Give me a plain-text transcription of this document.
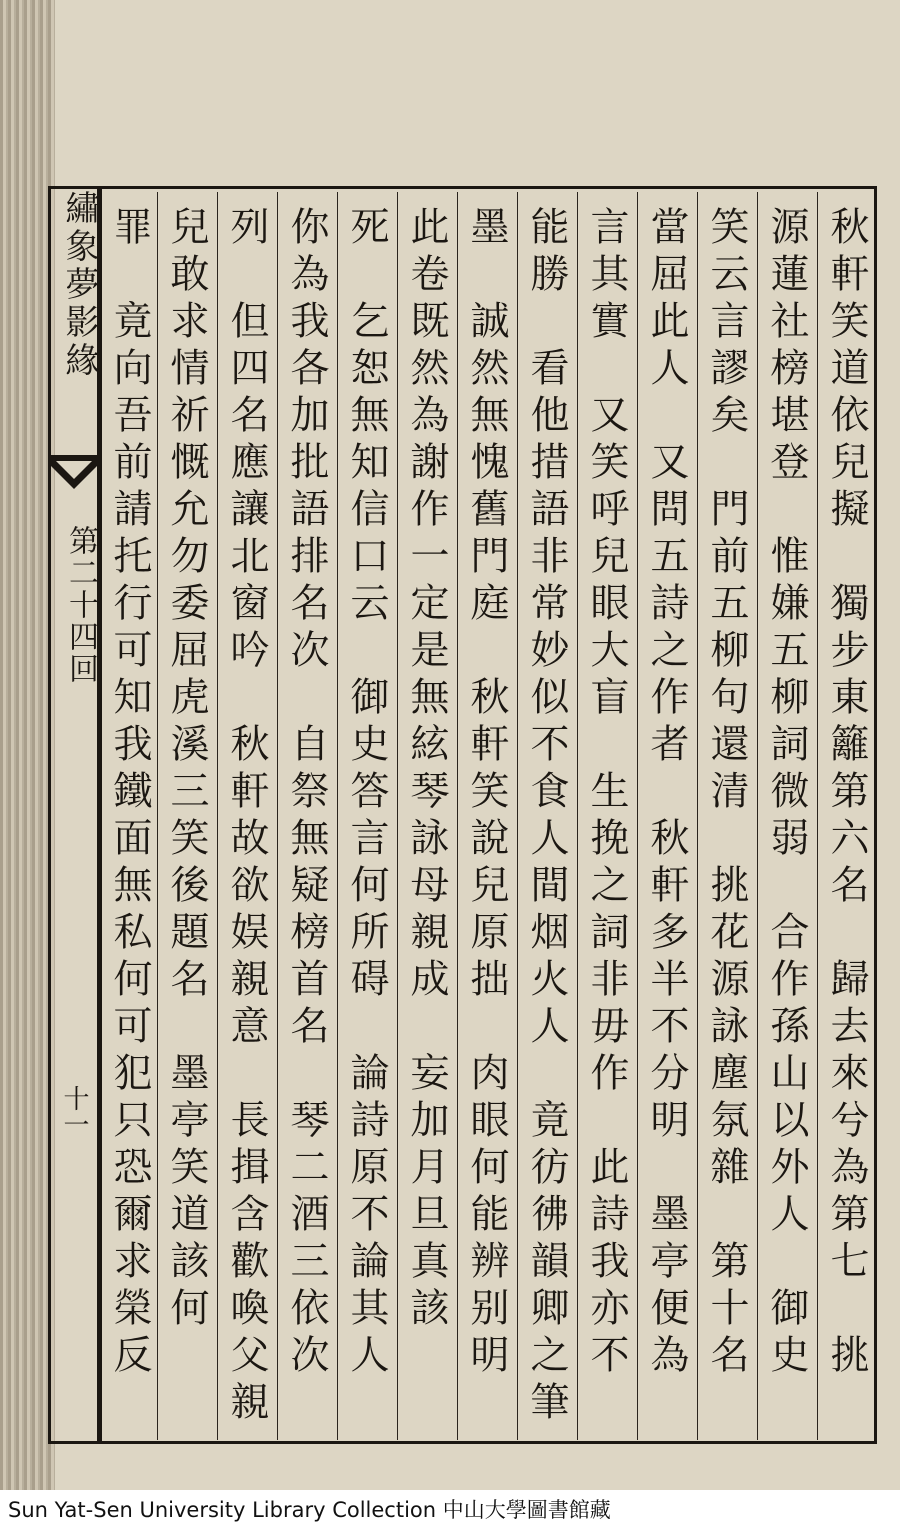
繡象夢影緣
第二十四回
十一	秋軒笑道依兒擬　獨步東籬第六名　歸去來兮為第七　挑
源蓮社榜堪登　惟嫌五柳詞微弱　合作孫山以外人　御史
笑云言謬矣　門前五柳句還清　挑花源詠塵氛雜　第十名
當屈此人　又問五詩之作者　秋軒多半不分明　墨亭便為
言其實　又笑呼兒眼大盲　生挽之詞非毋作　此詩我亦不
能勝　看他措語非常妙似不食人間烟火人　竟彷彿韻卿之筆
墨　誠然無愧舊門庭　秋軒笑說兒原拙　肉眼何能辨别明
此卷既然為謝作一定是無絃琴詠母親成　妄加月旦真該
死　乞恕無知信口云　御史答言何所碍　論詩原不論其人
你為我各加批語排名次　自祭無疑榜首名　琴二酒三依次
列　但四名應讓北窗吟　秋軒故欲娱親意　長揖含歡喚父親
兒敢求情祈慨允勿委屈虎溪三笑後題名　墨亭笑道該何
罪　竟向吾前請托行可知我鐵面無私何可犯只恐爾求榮反
Sun Yat-Sen University Library Collection 中山大學圖書館藏
